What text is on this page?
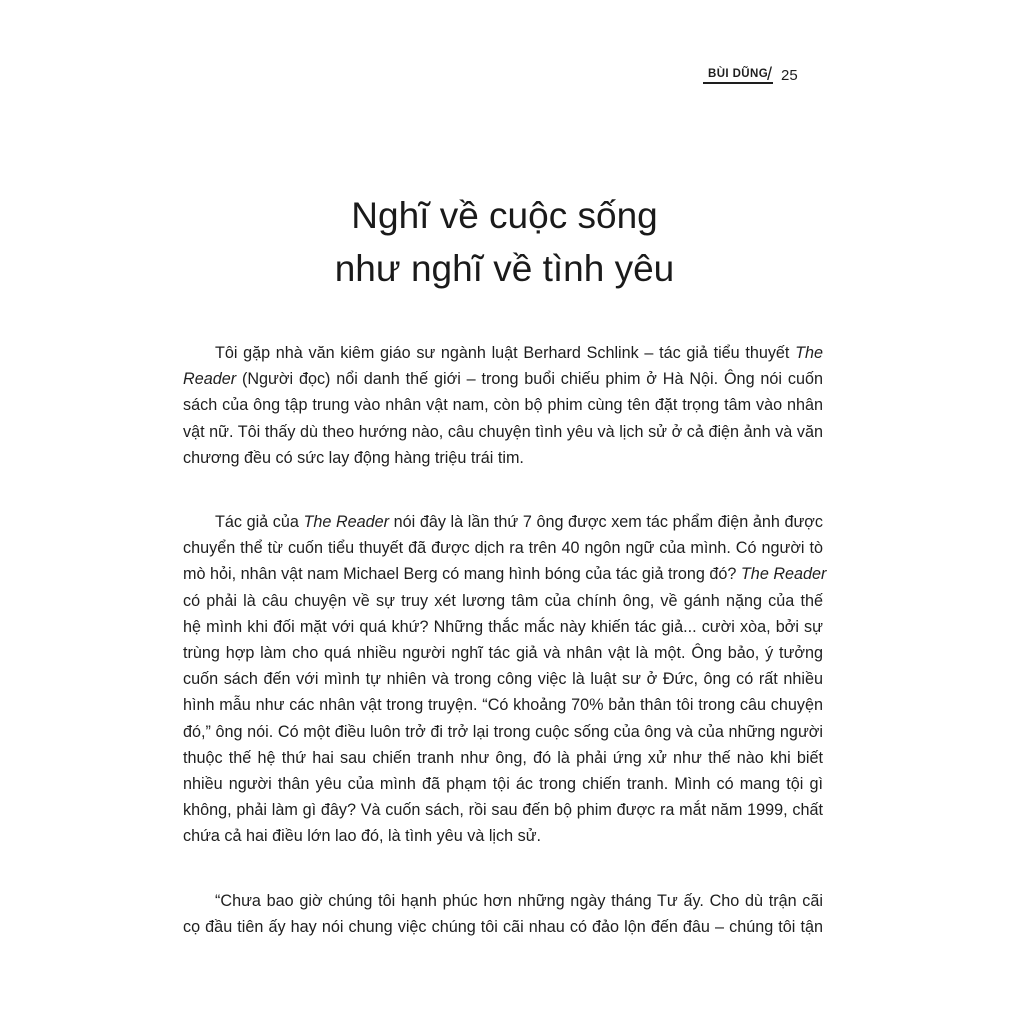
BÙI DŨNG
/ 25
Nghĩ về cuộc sống
như nghĩ về tình yêu

Tôi gặp nhà văn kiêm giáo sư ngành luật Berhard Schlink – tác giả tiểu thuyết The
Reader (Người đọc) nổi danh thế giới – trong buổi chiếu phim ở Hà Nội. Ông nói cuốn
sách của ông tập trung vào nhân vật nam, còn bộ phim cùng tên đặt trọng tâm vào nhân
vật nữ. Tôi thấy dù theo hướng nào, câu chuyện tình yêu và lịch sử ở cả điện ảnh và văn
chương đều có sức lay động hàng triệu trái tim.

Tác giả của The Reader nói đây là lần thứ 7 ông được xem tác phẩm điện ảnh được
chuyển thể từ cuốn tiểu thuyết đã được dịch ra trên 40 ngôn ngữ của mình. Có người tò
mò hỏi, nhân vật nam Michael Berg có mang hình bóng của tác giả trong đó? The Reader
có phải là câu chuyện về sự truy xét lương tâm của chính ông, về gánh nặng của thế
hệ mình khi đối mặt với quá khứ? Những thắc mắc này khiến tác giả... cười xòa, bởi sự
trùng hợp làm cho quá nhiều người nghĩ tác giả và nhân vật là một. Ông bảo, ý tưởng
cuốn sách đến với mình tự nhiên và trong công việc là luật sư ở Đức, ông có rất nhiều
hình mẫu như các nhân vật trong truyện. “Có khoảng 70% bản thân tôi trong câu chuyện
đó,” ông nói. Có một điều luôn trở đi trở lại trong cuộc sống của ông và của những người
thuộc thế hệ thứ hai sau chiến tranh như ông, đó là phải ứng xử như thế nào khi biết
nhiều người thân yêu của mình đã phạm tội ác trong chiến tranh. Mình có mang tội gì
không, phải làm gì đây? Và cuốn sách, rồi sau đến bộ phim được ra mắt năm 1999, chất
chứa cả hai điều lớn lao đó, là tình yêu và lịch sử.

“Chưa bao giờ chúng tôi hạnh phúc hơn những ngày tháng Tư ấy. Cho dù trận cãi
cọ đầu tiên ấy hay nói chung việc chúng tôi cãi nhau có đảo lộn đến đâu – chúng tôi tận
